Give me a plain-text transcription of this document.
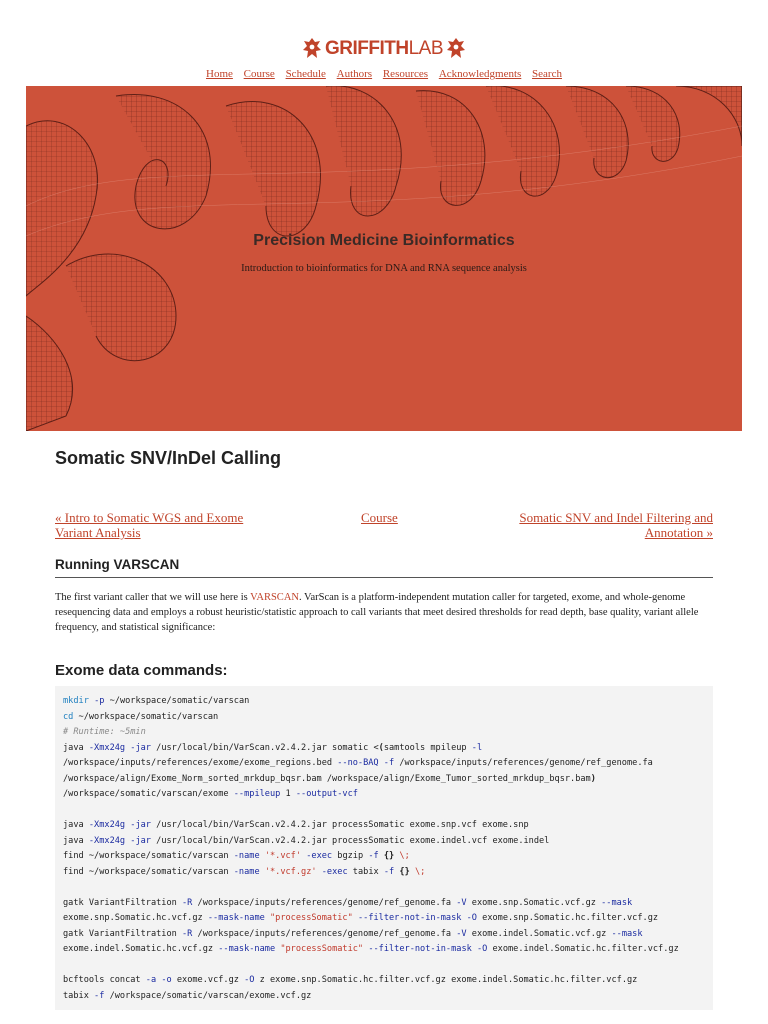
GRIFFITHLAB
Home Course Schedule Authors Resources Acknowledgments Search
Precision Medicine Bioinformatics
Introduction to bioinformatics for DNA and RNA sequence analysis
Somatic SNV/InDel Calling
« Intro to Somatic WGS and Exome Variant Analysis
Course	Somatic SNV and Indel Filtering and Annotation »
Running VARSCAN

The first variant caller that we will use here is VARSCAN. VarScan is a platform-independent mutation caller for targeted, exome, and whole-genome resequencing data and employs a robust heuristic/statistic approach to call variants that meet desired thresholds for read depth, base quality, variant allele frequency, and statistical significance:

Exome data commands:
mkdir -p ~/workspace/somatic/varscan
cd ~/workspace/somatic/varscan
# Runtime: ~5min
java -Xmx24g -jar /usr/local/bin/VarScan.v2.4.2.jar somatic <(samtools mpileup -l
/workspace/inputs/references/exome/exome_regions.bed --no-BAQ -f /workspace/inputs/references/genome/ref_genome.fa
/workspace/align/Exome_Norm_sorted_mrkdup_bqsr.bam /workspace/align/Exome_Tumor_sorted_mrkdup_bqsr.bam)
/workspace/somatic/varscan/exome --mpileup 1 --output-vcf
java -Xmx24g -jar /usr/local/bin/VarScan.v2.4.2.jar processSomatic exome.snp.vcf exome.snp
java -Xmx24g -jar /usr/local/bin/VarScan.v2.4.2.jar processSomatic exome.indel.vcf exome.indel
find ~/workspace/somatic/varscan -name '*.vcf' -exec bgzip -f {} \;
find ~/workspace/somatic/varscan -name '*.vcf.gz' -exec tabix -f {} \;
gatk VariantFiltration -R /workspace/inputs/references/genome/ref_genome.fa -V exome.snp.Somatic.vcf.gz --mask
exome.snp.Somatic.hc.vcf.gz --mask-name "processSomatic" --filter-not-in-mask -O exome.snp.Somatic.hc.filter.vcf.gz
gatk VariantFiltration -R /workspace/inputs/references/genome/ref_genome.fa -V exome.indel.Somatic.vcf.gz --mask
exome.indel.Somatic.hc.vcf.gz --mask-name "processSomatic" --filter-not-in-mask -O exome.indel.Somatic.hc.filter.vcf.gz
bcftools concat -a -o exome.vcf.gz -O z exome.snp.Somatic.hc.filter.vcf.gz exome.indel.Somatic.hc.filter.vcf.gz
tabix -f /workspace/somatic/varscan/exome.vcf.gz
